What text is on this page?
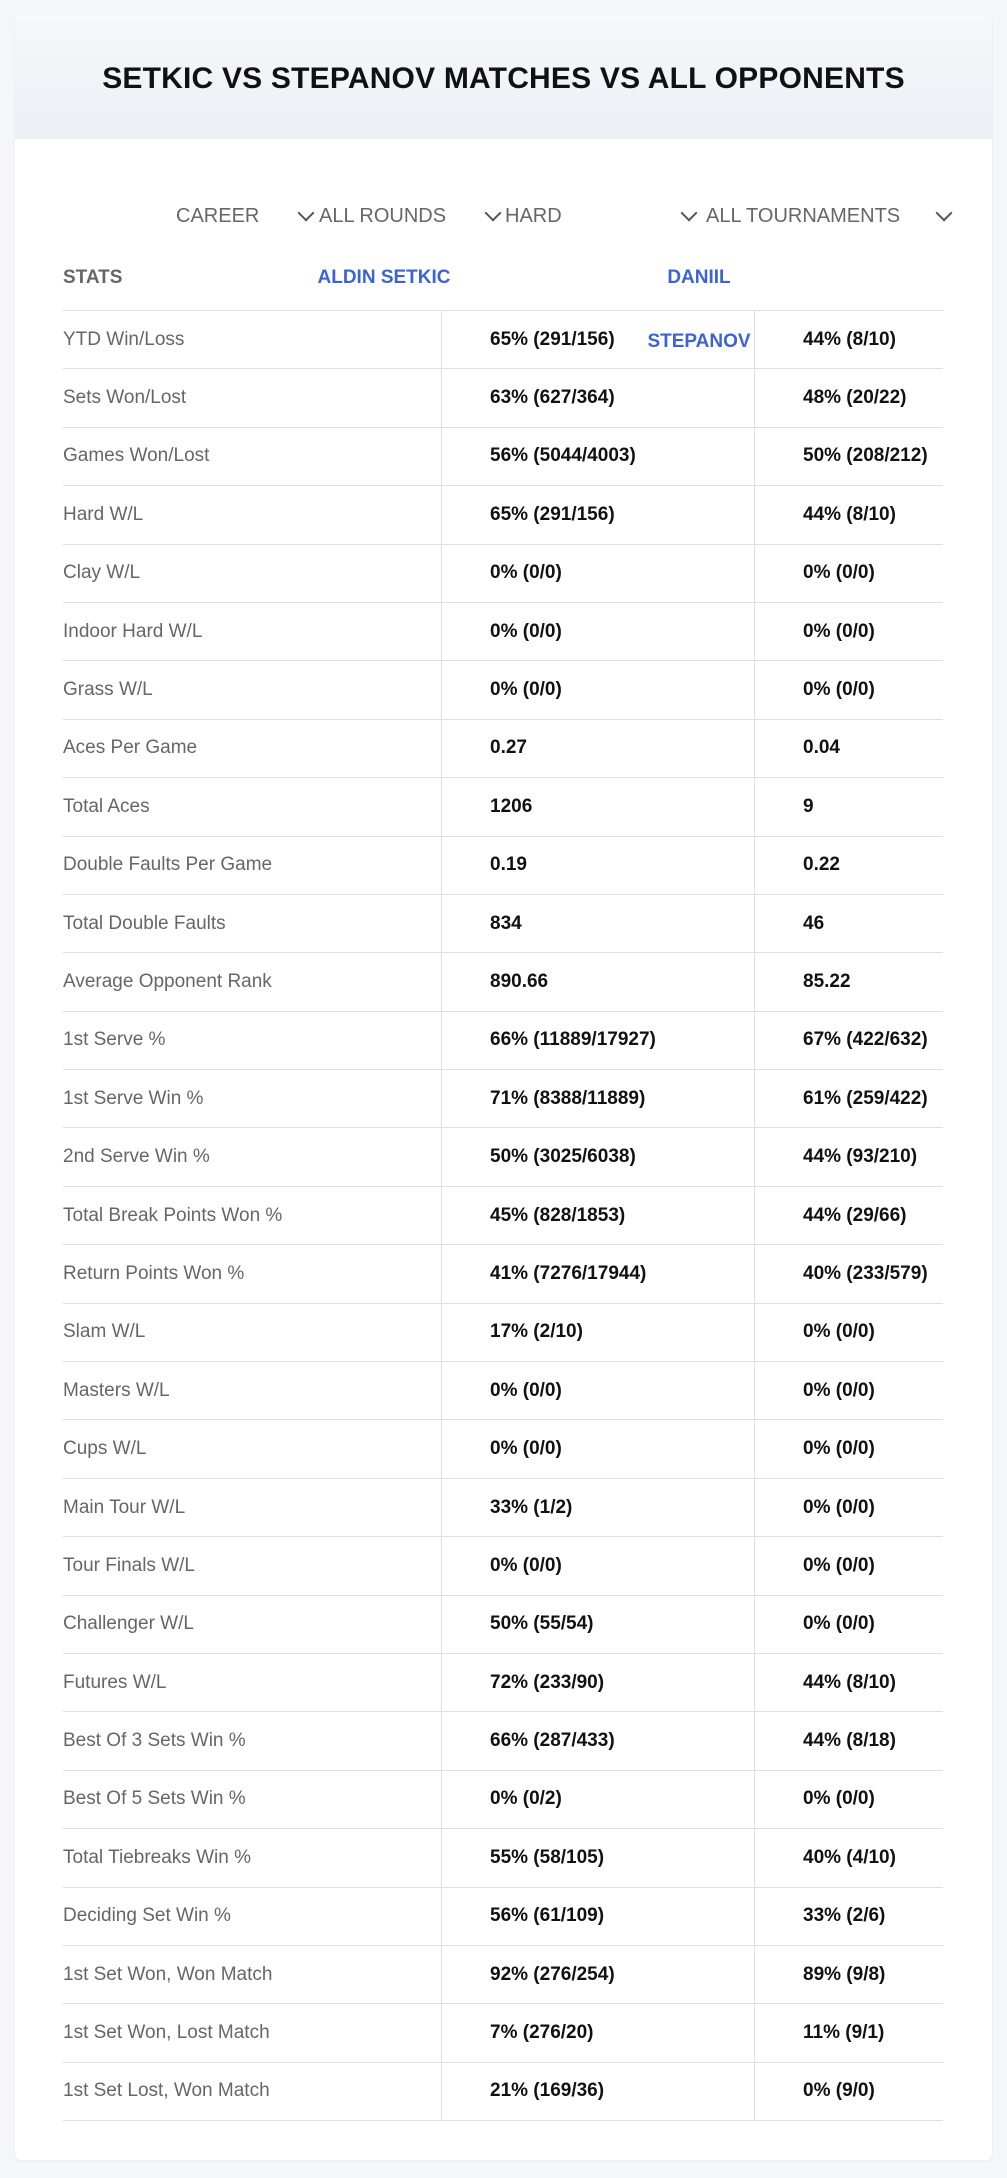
SETKIC VS STEPANOV MATCHES VS ALL OPPONENTS
CAREER	ALL ROUNDS	HARD	ALL TOURNAMENTS
STATS	ALDIN SETKIC	DANIIL STEPANOV
YTD Win/Loss	65% (291/156)	44% (8/10)
Sets Won/Lost	63% (627/364)	48% (20/22)
Games Won/Lost	56% (5044/4003)	50% (208/212)
Hard W/L	65% (291/156)	44% (8/10)
Clay W/L	0% (0/0)	0% (0/0)
Indoor Hard W/L	0% (0/0)	0% (0/0)
Grass W/L	0% (0/0)	0% (0/0)
Aces Per Game	0.27	0.04
Total Aces	1206	9
Double Faults Per Game	0.19	0.22
Total Double Faults	834	46
Average Opponent Rank	890.66	85.22
1st Serve %	66% (11889/17927)	67% (422/632)
1st Serve Win %	71% (8388/11889)	61% (259/422)
2nd Serve Win %	50% (3025/6038)	44% (93/210)
Total Break Points Won %	45% (828/1853)	44% (29/66)
Return Points Won %	41% (7276/17944)	40% (233/579)
Slam W/L	17% (2/10)	0% (0/0)
Masters W/L	0% (0/0)	0% (0/0)
Cups W/L	0% (0/0)	0% (0/0)
Main Tour W/L	33% (1/2)	0% (0/0)
Tour Finals W/L	0% (0/0)	0% (0/0)
Challenger W/L	50% (55/54)	0% (0/0)
Futures W/L	72% (233/90)	44% (8/10)
Best Of 3 Sets Win %	66% (287/433)	44% (8/18)
Best Of 5 Sets Win %	0% (0/2)	0% (0/0)
Total Tiebreaks Win %	55% (58/105)	40% (4/10)
Deciding Set Win %	56% (61/109)	33% (2/6)
1st Set Won, Won Match	92% (276/254)	89% (9/8)
1st Set Won, Lost Match	7% (276/20)	11% (9/1)
1st Set Lost, Won Match	21% (169/36)	0% (9/0)
